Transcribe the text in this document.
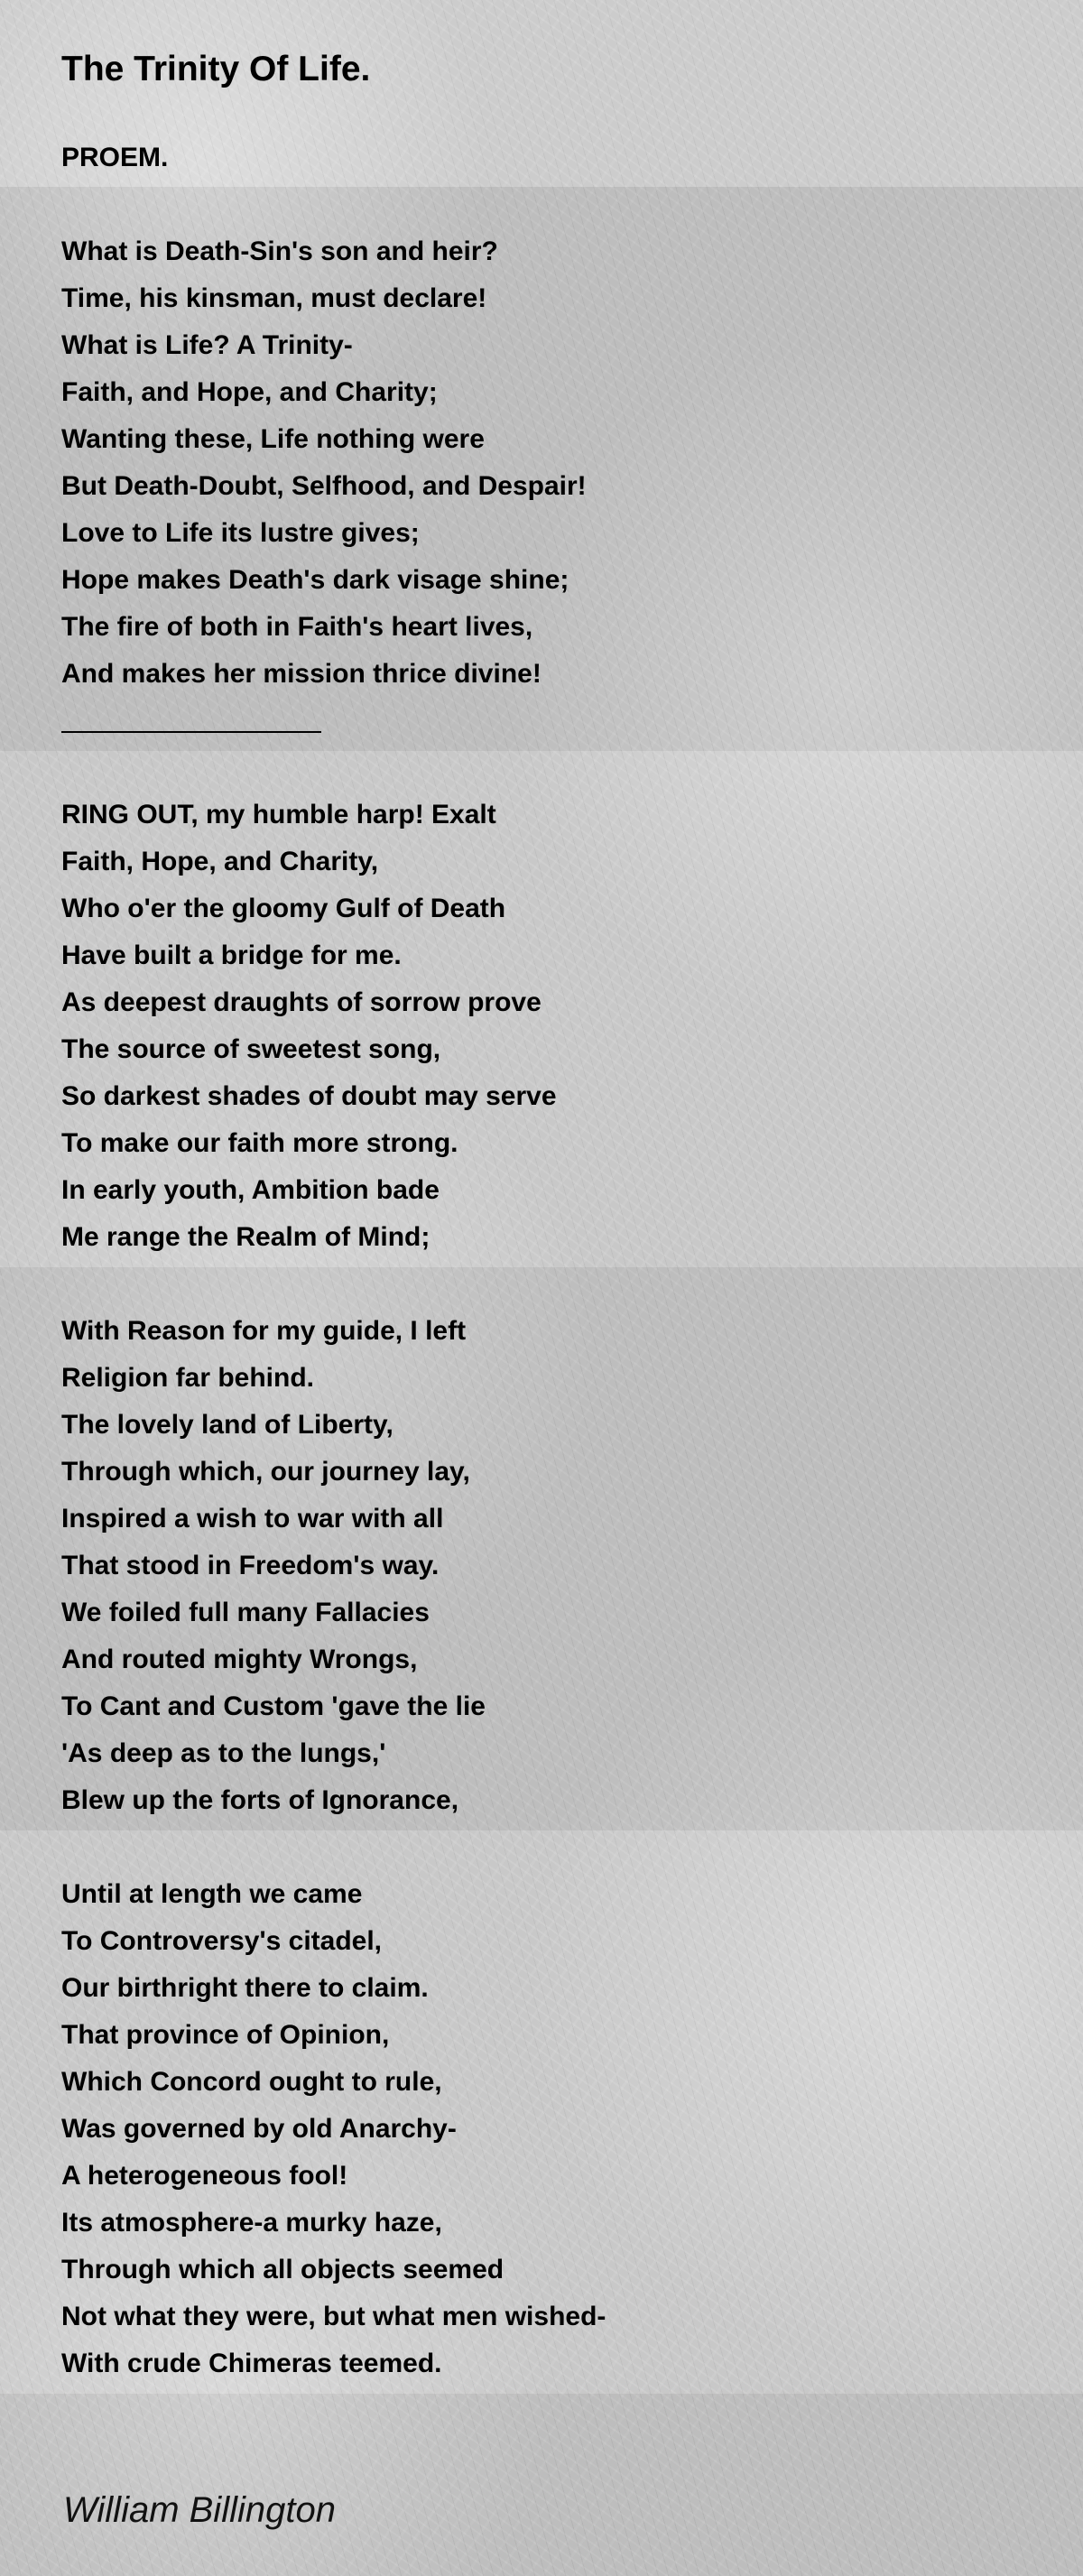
The Trinity Of Life.
PROEM.
What is Death-Sin's son and heir?
Time, his kinsman, must declare!
What is Life? A Trinity-
Faith, and Hope, and Charity;
Wanting these, Life nothing were
But Death-Doubt, Selfhood, and Despair!
Love to Life its lustre gives;
Hope makes Death's dark visage shine;
The fire of both in Faith's heart lives,
And makes her mission thrice divine!
RING OUT, my humble harp! Exalt
Faith, Hope, and Charity,
Who o'er the gloomy Gulf of Death
Have built a bridge for me.
As deepest draughts of sorrow prove
The source of sweetest song,
So darkest shades of doubt may serve
To make our faith more strong.
In early youth, Ambition bade
Me range the Realm of Mind;
With Reason for my guide, I left
Religion far behind.
The lovely land of Liberty,
Through which, our journey lay,
Inspired a wish to war with all
That stood in Freedom's way.
We foiled full many Fallacies
And routed mighty Wrongs,
To Cant and Custom 'gave the lie
'As deep as to the lungs,'
Blew up the forts of Ignorance,
Until at length we came
To Controversy's citadel,
Our birthright there to claim.
That province of Opinion,
Which Concord ought to rule,
Was governed by old Anarchy-
A heterogeneous fool!
Its atmosphere-a murky haze,
Through which all objects seemed
Not what they were, but what men wished-
With crude Chimeras teemed.
William Billington
